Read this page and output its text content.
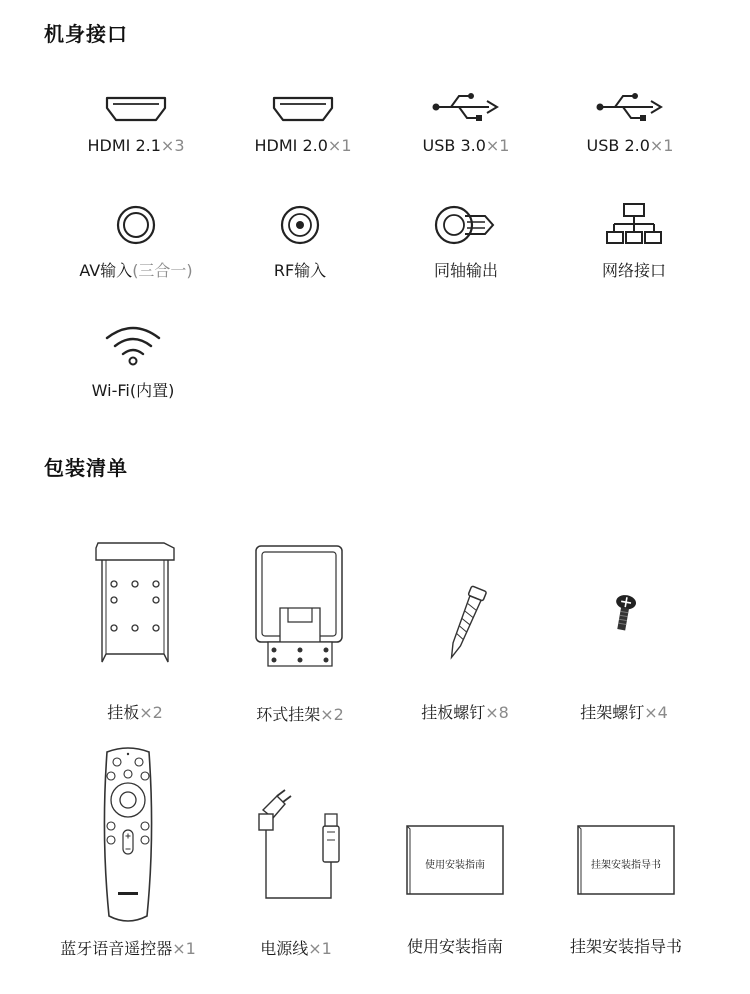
机身接口
HDMI 2.1×3	HDMI 2.0×1	USB 3.0×1	USB 2.0×1
AV输入(三合一)	RF输入	同轴输出	网络接口
Wi-Fi(内置)
包装清单
挂板×2	环式挂架×2	挂板螺钉×8	挂架螺钉×4
蓝牙语音遥控器×1	电源线×1
使用安装指南
使用安装指南
挂架安装指导书
挂架安装指导书
